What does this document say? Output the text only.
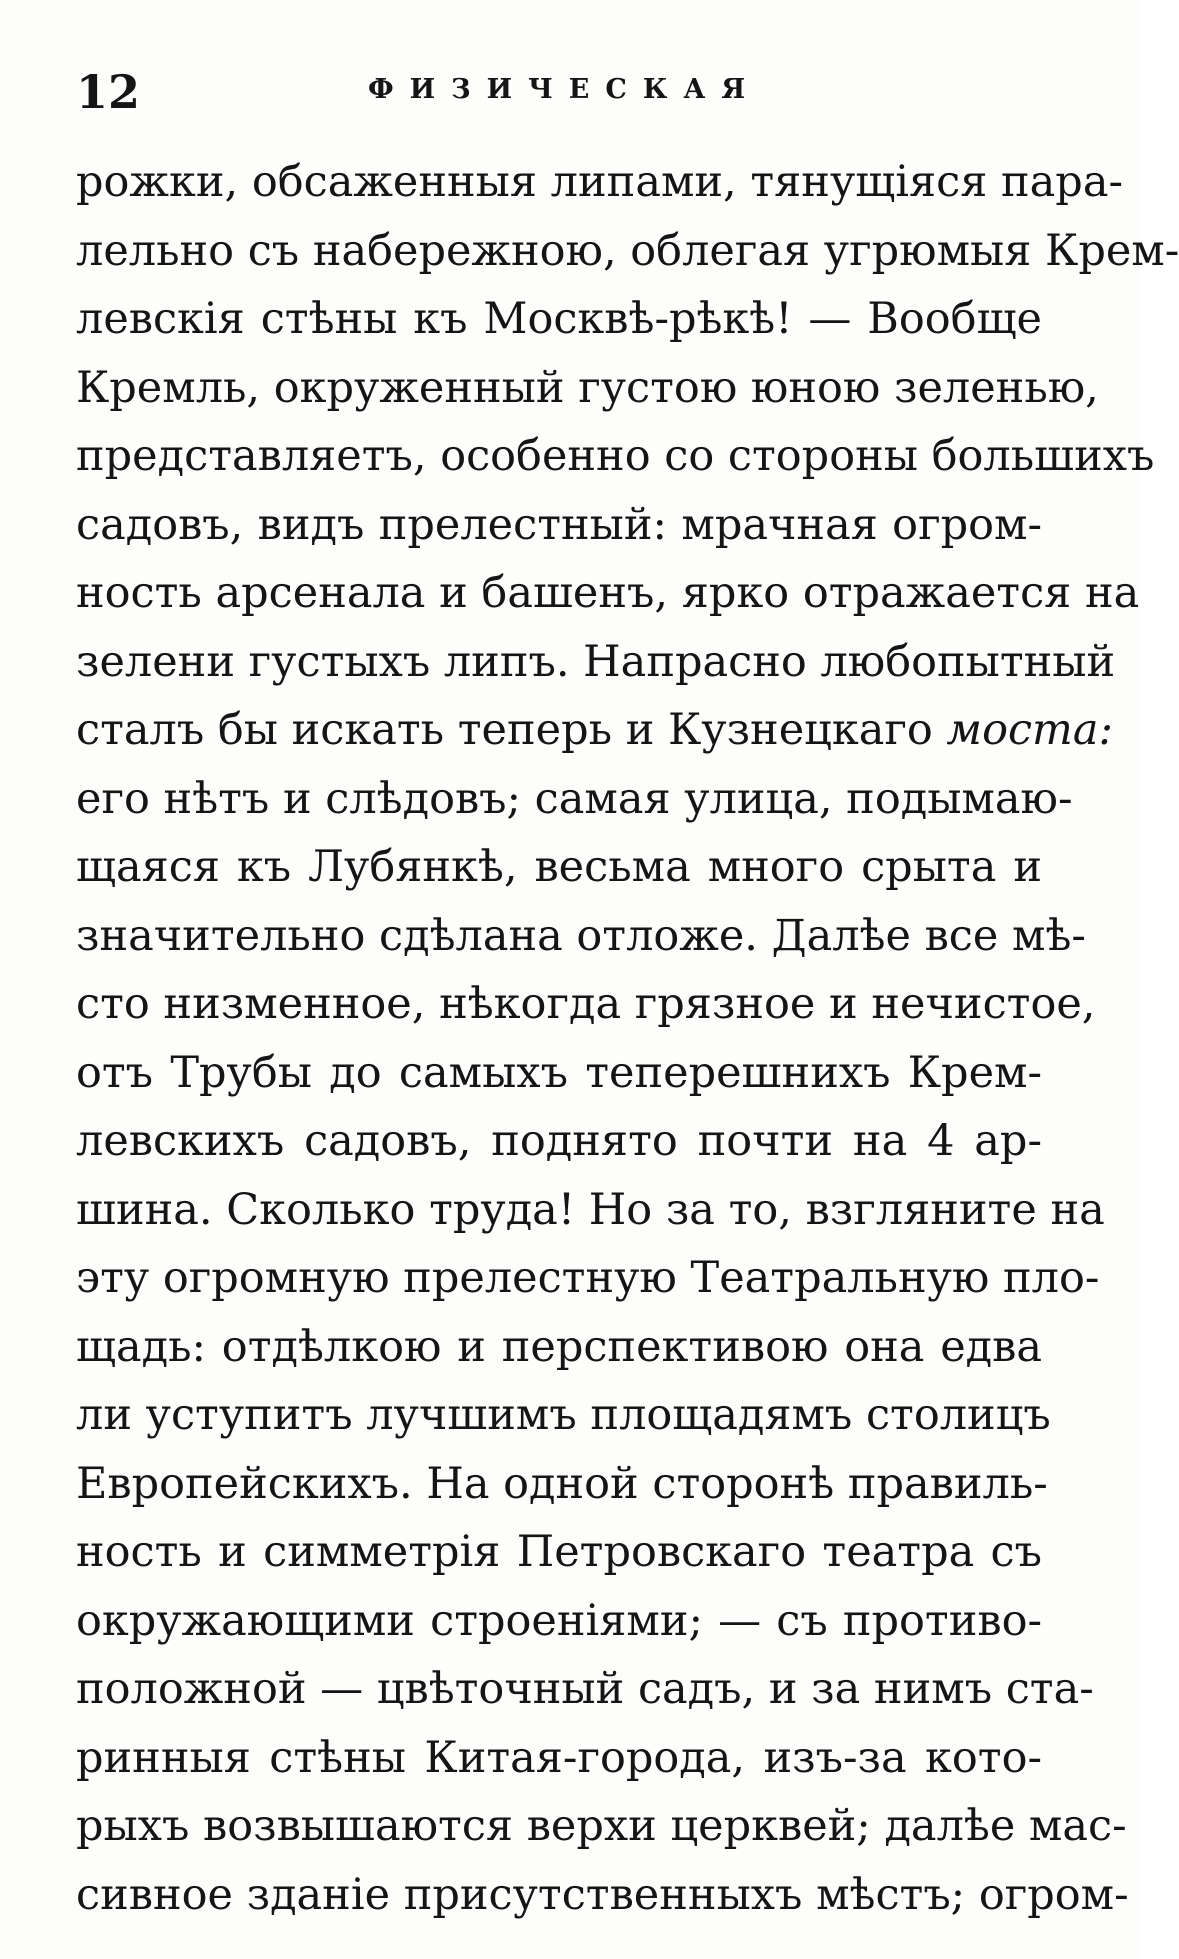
12	ФИЗИЧЕСКАЯ
рожки, обсаженныя липами, тянущіяся пара-
лельно съ набережною, облегая угрюмыя Крем-
левскія стѣны къ Москвѣ-рѣкѣ! — Вообще
Кремль, окруженный густою юною зеленью,
представляетъ, особенно со стороны большихъ
садовъ, видъ прелестный: мрачная огром-
ность арсенала и башенъ, ярко отражается на
зелени густыхъ липъ. Напрасно любопытный
сталъ бы искать теперь и Кузнецкаго моста:
его нѣтъ и слѣдовъ; самая улица, подымаю-
щаяся къ Лубянкѣ, весьма много срыта и
значительно сдѣлана отложе. Далѣе все мѣ-
сто низменное, нѣкогда грязное и нечистое,
отъ Трубы до самыхъ теперешнихъ Крем-
левскихъ садовъ, поднято почти на 4 ар-
шина. Сколько труда! Но за то, взгляните на
эту огромную прелестную Театральную пло-
щадь: отдѣлкою и перспективою она едва
ли уступитъ лучшимъ площадямъ столицъ
Европейскихъ. На одной сторонѣ правиль-
ность и симметрія Петровскаго театра съ
окружающими строеніями; — съ противо-
положной — цвѣточный садъ, и за нимъ ста-
ринныя стѣны Китая-города, изъ-за кото-
рыхъ возвышаются верхи церквей; далѣе мас-
сивное зданіе присутственныхъ мѣстъ; огром-
